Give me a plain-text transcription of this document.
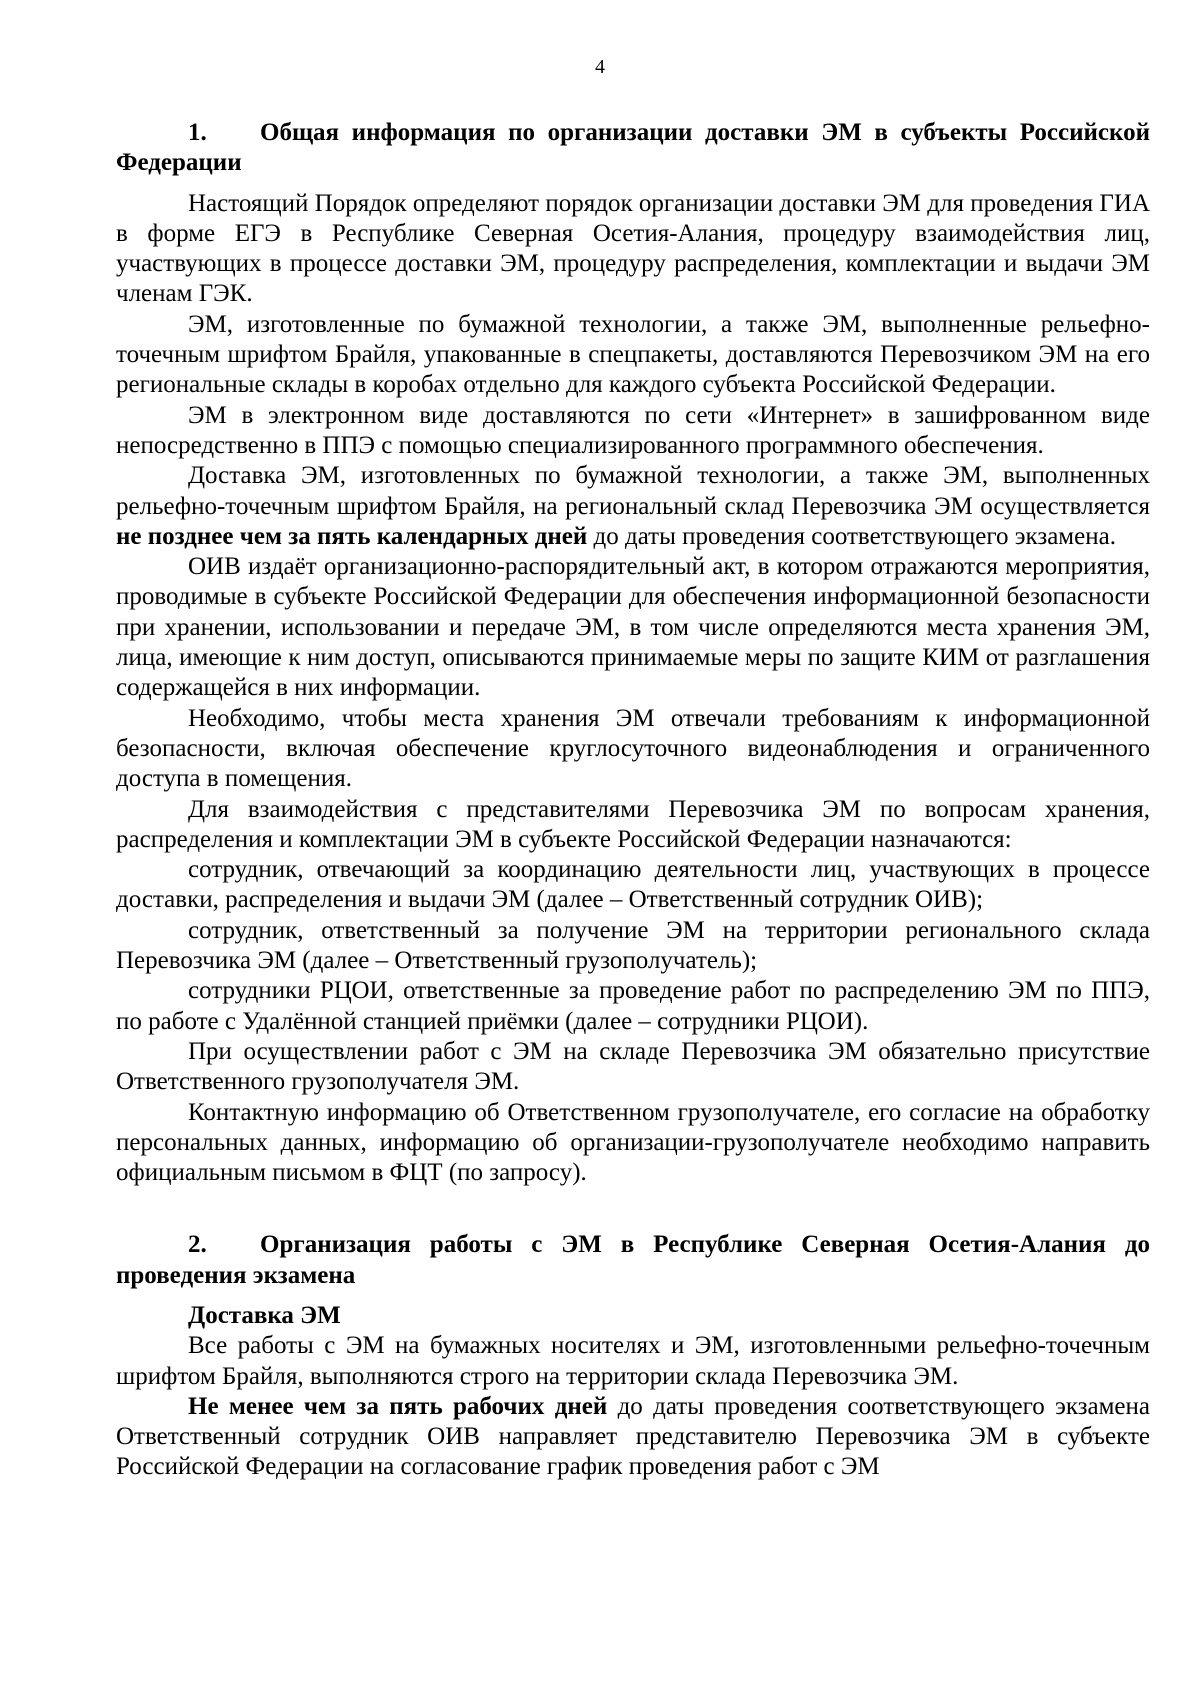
4

1. Общая информация по организации доставки ЭМ в субъекты Российской Федерации

Настоящий Порядок определяют порядок организации доставки ЭМ для проведения ГИА в форме ЕГЭ в Республике Северная Осетия-Алания, процедуру взаимодействия лиц, участвующих в процессе доставки ЭМ, процедуру распределения, комплектации и выдачи ЭМ членам ГЭК.

ЭМ, изготовленные по бумажной технологии, а также ЭМ, выполненные рельефно-точечным шрифтом Брайля, упакованные в спецпакеты, доставляются Перевозчиком ЭМ на его региональные склады в коробах отдельно для каждого субъекта Российской Федерации.

ЭМ в электронном виде доставляются по сети «Интернет» в зашифрованном виде непосредственно в ППЭ с помощью специализированного программного обеспечения.

Доставка ЭМ, изготовленных по бумажной технологии, а также ЭМ, выполненных рельефно-точечным шрифтом Брайля, на региональный склад Перевозчика ЭМ осуществляется не позднее чем за пять календарных дней до даты проведения соответствующего экзамена.

ОИВ издаёт организационно-распорядительный акт, в котором отражаются мероприятия, проводимые в субъекте Российской Федерации для обеспечения информационной безопасности при хранении, использовании и передаче ЭМ, в том числе определяются места хранения ЭМ, лица, имеющие к ним доступ, описываются принимаемые меры по защите КИМ от разглашения содержащейся в них информации.

Необходимо, чтобы места хранения ЭМ отвечали требованиям к информационной безопасности, включая обеспечение круглосуточного видеонаблюдения и ограниченного доступа в помещения.

Для взаимодействия с представителями Перевозчика ЭМ по вопросам хранения, распределения и комплектации ЭМ в субъекте Российской Федерации назначаются:

сотрудник, отвечающий за координацию деятельности лиц, участвующих в процессе доставки, распределения и выдачи ЭМ (далее – Ответственный сотрудник ОИВ);

сотрудник, ответственный за получение ЭМ на территории регионального склада Перевозчика ЭМ (далее – Ответственный грузополучатель);

сотрудники РЦОИ, ответственные за проведение работ по распределению ЭМ по ППЭ, по работе с Удалённой станцией приёмки (далее – сотрудники РЦОИ).

При осуществлении работ с ЭМ на складе Перевозчика ЭМ обязательно присутствие Ответственного грузополучателя ЭМ.

Контактную информацию об Ответственном грузополучателе, его согласие на обработку персональных данных, информацию об организации-грузополучателе необходимо направить официальным письмом в ФЦТ (по запросу).

2. Организация работы с ЭМ в Республике Северная Осетия-Алания до проведения экзамена

Доставка ЭМ

Все работы с ЭМ на бумажных носителях и ЭМ, изготовленными рельефно-точечным шрифтом Брайля, выполняются строго на территории склада Перевозчика ЭМ.

Не менее чем за пять рабочих дней до даты проведения соответствующего экзамена Ответственный сотрудник ОИВ направляет представителю Перевозчика ЭМ в субъекте Российской Федерации на согласование график проведения работ с ЭМ
